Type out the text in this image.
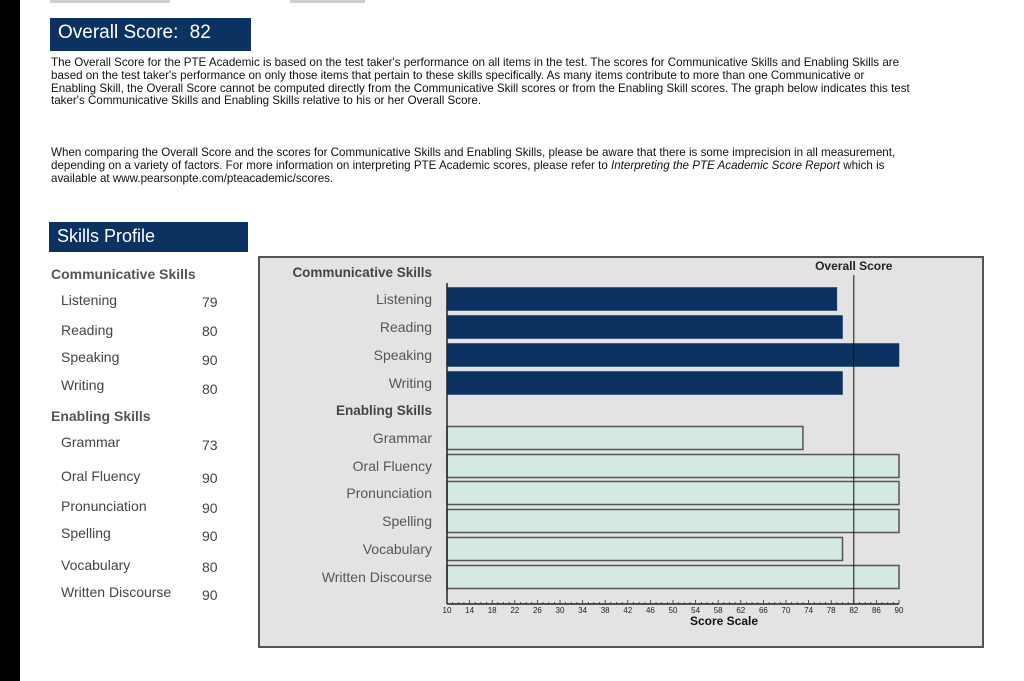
Overall Score: 82
The Overall Score for the PTE Academic is based on the test taker's performance on all items in the test. The scores for Communicative Skills and Enabling Skills are based on the test taker's performance on only those items that pertain to these skills specifically. As many items contribute to more than one Communicative or Enabling Skill, the Overall Score cannot be computed directly from the Communicative Skill scores or from the Enabling Skill scores. The graph below indicates this test taker's Communicative Skills and Enabling Skills relative to his or her Overall Score.
When comparing the Overall Score and the scores for Communicative Skills and Enabling Skills, please be aware that there is some imprecision in all measurement, depending on a variety of factors. For more information on interpreting PTE Academic scores, please refer to Interpreting the PTE Academic Score Report which is available at www.pearsonpte.com/pteacademic/scores.
Skills Profile
Communicative Skills
Listening	79
Reading	80
Speaking	90
Writing	80
Enabling Skills
Grammar	73
Oral Fluency	90
Pronunciation	90
Spelling	90
Vocabulary	80
Written Discourse 90
Communicative Skills
Listening
Reading
Speaking
Writing
Enabling Skills
Grammar
Oral Fluency
Pronunciation
Spelling
Vocabulary
Written Discourse
10 14 18 22 26 30 34 38 42 46 50 54 58 62 66 70 74 78 82 86 90
Score Scale
Overall Score
